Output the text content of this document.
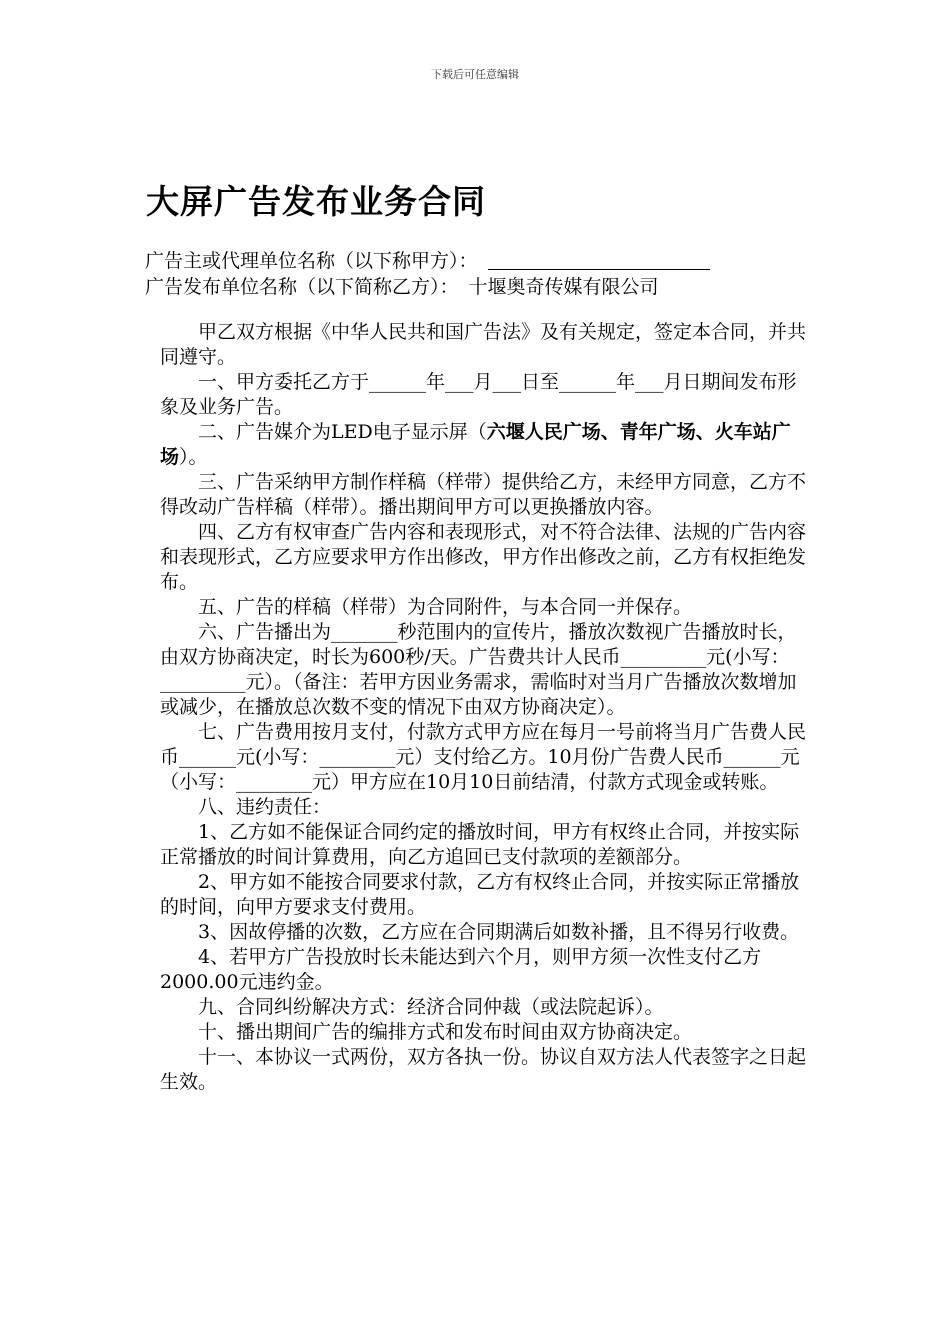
下载后可任意编辑
大屏广告发布业务合同
广告主或代理单位名称（以下称甲方）：
广告发布单位名称（以下简称乙方）： 十堰奥奇传媒有限公司

　　甲乙双方根据《中华人民共和国广告法》及有关规定，签定本合同，并共同遵守。

　　一、甲方委托乙方于______年___月___日至______年___月日期间发布形象及业务广告。

　　二、广告媒介为LED电子显示屏（六堰人民广场、青年广场、火车站广场）。

　　三、广告采纳甲方制作样稿（样带）提供给乙方，未经甲方同意，乙方不得改动广告样稿（样带）。播出期间甲方可以更换播放内容。

　　四、乙方有权审查广告内容和表现形式，对不符合法律、法规的广告内容和表现形式，乙方应要求甲方作出修改，甲方作出修改之前，乙方有权拒绝发布。

　　五、广告的样稿（样带）为合同附件，与本合同一并保存。

　　六、广告播出为_______秒范围内的宣传片，播放次数视广告播放时长，由双方协商决定，时长为600秒/天。广告费共计人民币_________元(小写：_________元）。（备注：若甲方因业务需求，需临时对当月广告播放次数增加或减少，在播放总次数不变的情况下由双方协商决定）。

　　七、广告费用按月支付，付款方式甲方应在每月一号前将当月广告费人民币______元(小写：________元）支付给乙方。10月份广告费人民币______元（小写：________元）甲方应在10月10日前结清，付款方式现金或转账。

　　八、违约责任：

　　1、乙方如不能保证合同约定的播放时间，甲方有权终止合同，并按实际正常播放的时间计算费用，向乙方追回已支付款项的差额部分。

　　2、甲方如不能按合同要求付款，乙方有权终止合同，并按实际正常播放的时间，向甲方要求支付费用。

　　3、因故停播的次数，乙方应在合同期满后如数补播，且不得另行收费。

　　4、若甲方广告投放时长未能达到六个月，则甲方须一次性支付乙方2000.00元违约金。

　　九、合同纠纷解决方式：经济合同仲裁（或法院起诉）。

　　十、播出期间广告的编排方式和发布时间由双方协商决定。

　　十一、本协议一式两份，双方各执一份。协议自双方法人代表签字之日起生效。
